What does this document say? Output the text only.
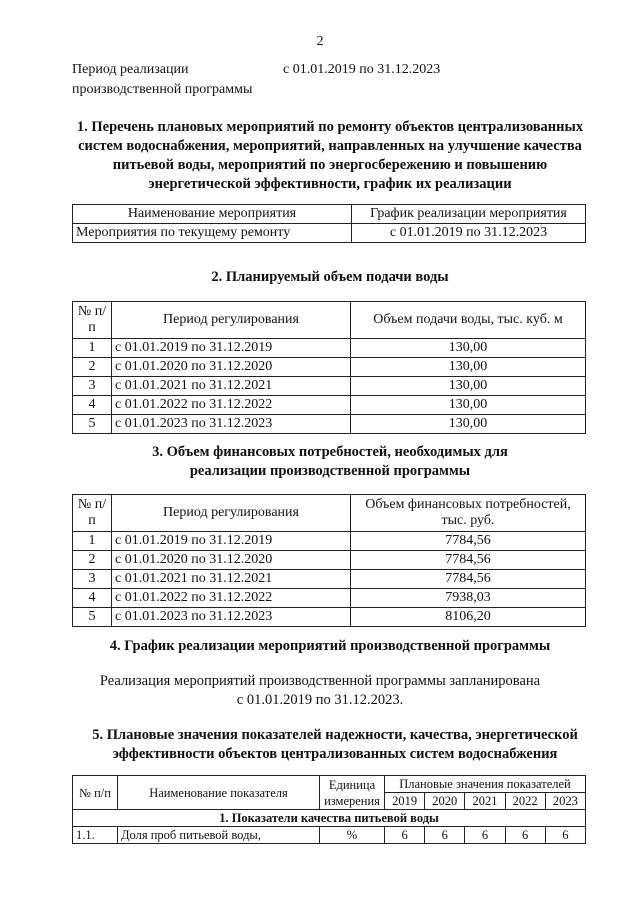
2
Период реализации
производственной программы
с 01.01.2019 по 31.12.2023
1. Перечень плановых мероприятий по ремонту объектов централизованных систем водоснабжения, мероприятий, направленных на улучшение качества питьевой воды, мероприятий по энергосбережению и повышению энергетической эффективности, график их реализации
Наименование мероприятия	График реализации мероприятия
Мероприятия по текущему ремонту	с 01.01.2019 по 31.12.2023
2. Планируемый объем подачи воды
№ п/п	Период регулирования	Объем подачи воды, тыс. куб. м
1	с 01.01.2019 по 31.12.2019	130,00
2	с 01.01.2020 по 31.12.2020	130,00
3	с 01.01.2021 по 31.12.2021	130,00
4	с 01.01.2022 по 31.12.2022	130,00
5	с 01.01.2023 по 31.12.2023	130,00
3. Объем финансовых потребностей, необходимых для реализации производственной программы
№ п/п	Период регулирования	Объем финансовых потребностей, тыс. руб.
1	с 01.01.2019 по 31.12.2019	7784,56
2	с 01.01.2020 по 31.12.2020	7784,56
3	с 01.01.2021 по 31.12.2021	7784,56
4	с 01.01.2022 по 31.12.2022	7938,03
5	с 01.01.2023 по 31.12.2023	8106,20
4. График реализации мероприятий производственной программы
Реализация мероприятий производственной программы запланирована
с 01.01.2019 по 31.12.2023.
5. Плановые значения показателей надежности, качества, энергетической эффективности объектов централизованных систем водоснабжения
№ п/п	Наименование показателя	Единица измерения	Плановые значения показателей				
			2019	2020	2021	2022	2023
1. Показатели качества питьевой воды							
1.1.	Доля проб питьевой воды,	%	6	6	6	6	6
